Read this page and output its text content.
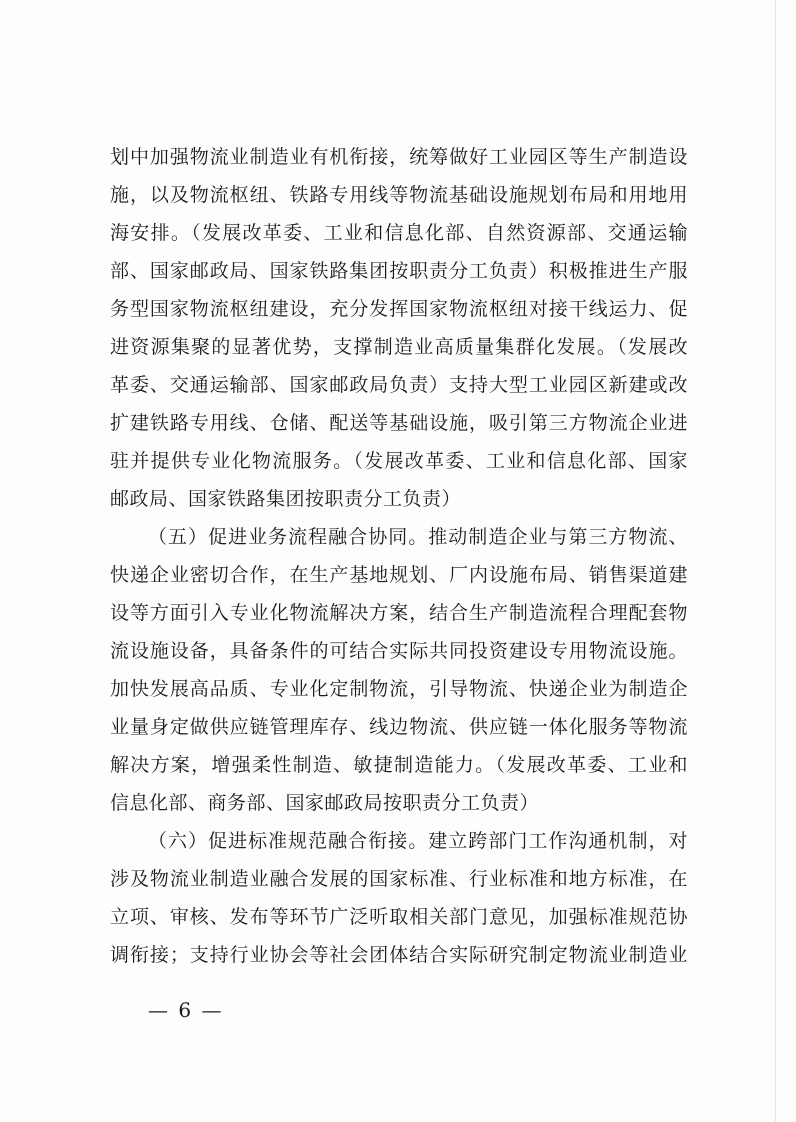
划中加强物流业制造业有机衔接，统筹做好工业园区等生产制造设
施，以及物流枢纽、铁路专用线等物流基础设施规划布局和用地用
海安排。（发展改革委、工业和信息化部、自然资源部、交通运输
部、国家邮政局、国家铁路集团按职责分工负责）积极推进生产服
务型国家物流枢纽建设，充分发挥国家物流枢纽对接干线运力、促
进资源集聚的显著优势，支撑制造业高质量集群化发展。（发展改
革委、交通运输部、国家邮政局负责）支持大型工业园区新建或改
扩建铁路专用线、仓储、配送等基础设施，吸引第三方物流企业进
驻并提供专业化物流服务。（发展改革委、工业和信息化部、国家
邮政局、国家铁路集团按职责分工负责）
（五）促进业务流程融合协同。推动制造企业与第三方物流、
快递企业密切合作，在生产基地规划、厂内设施布局、销售渠道建
设等方面引入专业化物流解决方案，结合生产制造流程合理配套物
流设施设备，具备条件的可结合实际共同投资建设专用物流设施。
加快发展高品质、专业化定制物流，引导物流、快递企业为制造企
业量身定做供应链管理库存、线边物流、供应链一体化服务等物流
解决方案，增强柔性制造、敏捷制造能力。（发展改革委、工业和
信息化部、商务部、国家邮政局按职责分工负责）
（六）促进标准规范融合衔接。建立跨部门工作沟通机制，对
涉及物流业制造业融合发展的国家标准、行业标准和地方标准，在
立项、审核、发布等环节广泛听取相关部门意见，加强标准规范协
调衔接；支持行业协会等社会团体结合实际研究制定物流业制造业
— 6 —
